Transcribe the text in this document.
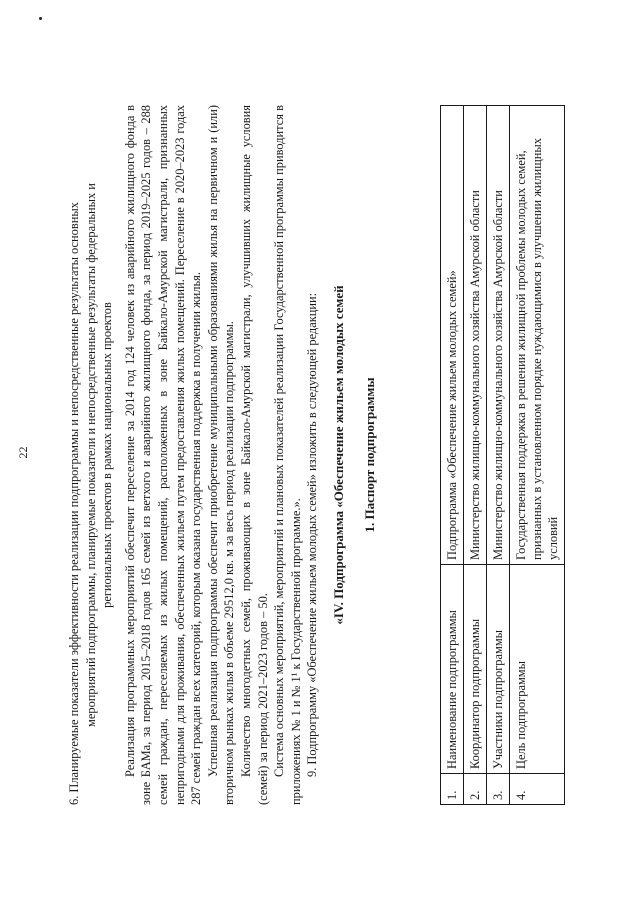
22	6. Планируемые показатели эффективности реализации подпрограммы и непосредственные результаты основных мероприятий подпрограммы, планируемые показатели и непосредственные результаты федеральных и региональных проектов в рамках национальных проектов Реализация программных мероприятий обеспечит переселение за 2014 год 124 человек из аварийного жилищного фонда в зоне БАМа, за период 2015–2018 годов 165 семей из ветхого и аварийного жилищного фонда, за период 2019–2025 годов – 288 семей граждан, переселяемых из жилых помещений, расположенных в зоне Байкало-Амурской магистрали, признанных непригодными для проживания, обеспеченных жильем путем предоставления жилых помещений. Переселение в 2020–2023 годах 287 семей граждан всех категорий, которым оказана государственная поддержка в получении жилья. Успешная реализация подпрограммы обеспечит приобретение муниципальными образованиями жилья на первичном и (или) вторичном рынках жилья в объеме 29512,0 кв. м за весь период реализации подпрограммы. Количество многодетных семей, проживающих в зоне Байкало-Амурской магистрали, улучшивших жилищные условия (семей) за период 2021–2023 годов – 50. Система основных мероприятий, мероприятий и плановых показателей реализации Государственной программы приводится в приложениях № 1 и № 1¹ к Государственной программе.». 9. Подпрограмму «Обеспечение жильем молодых семей» изложить в следующей редакции: «IV. Подпрограмма «Обеспечение жильем молодых семей 1. Паспорт подпрограммы

1.	Наименование подпрограммы	Подпрограмма «Обеспечение жильем молодых семей»
2.	Координатор подпрограммы	Министерство жилищно-коммунального хозяйства Амурской области
3.	Участники подпрограммы	Министерство жилищно-коммунального хозяйства Амурской области
4.	Цель подпрограммы	Государственная поддержка в решении жилищной проблемы молодых семей, признанных в установленном порядке нуждающимися в улучшении жилищных условий
